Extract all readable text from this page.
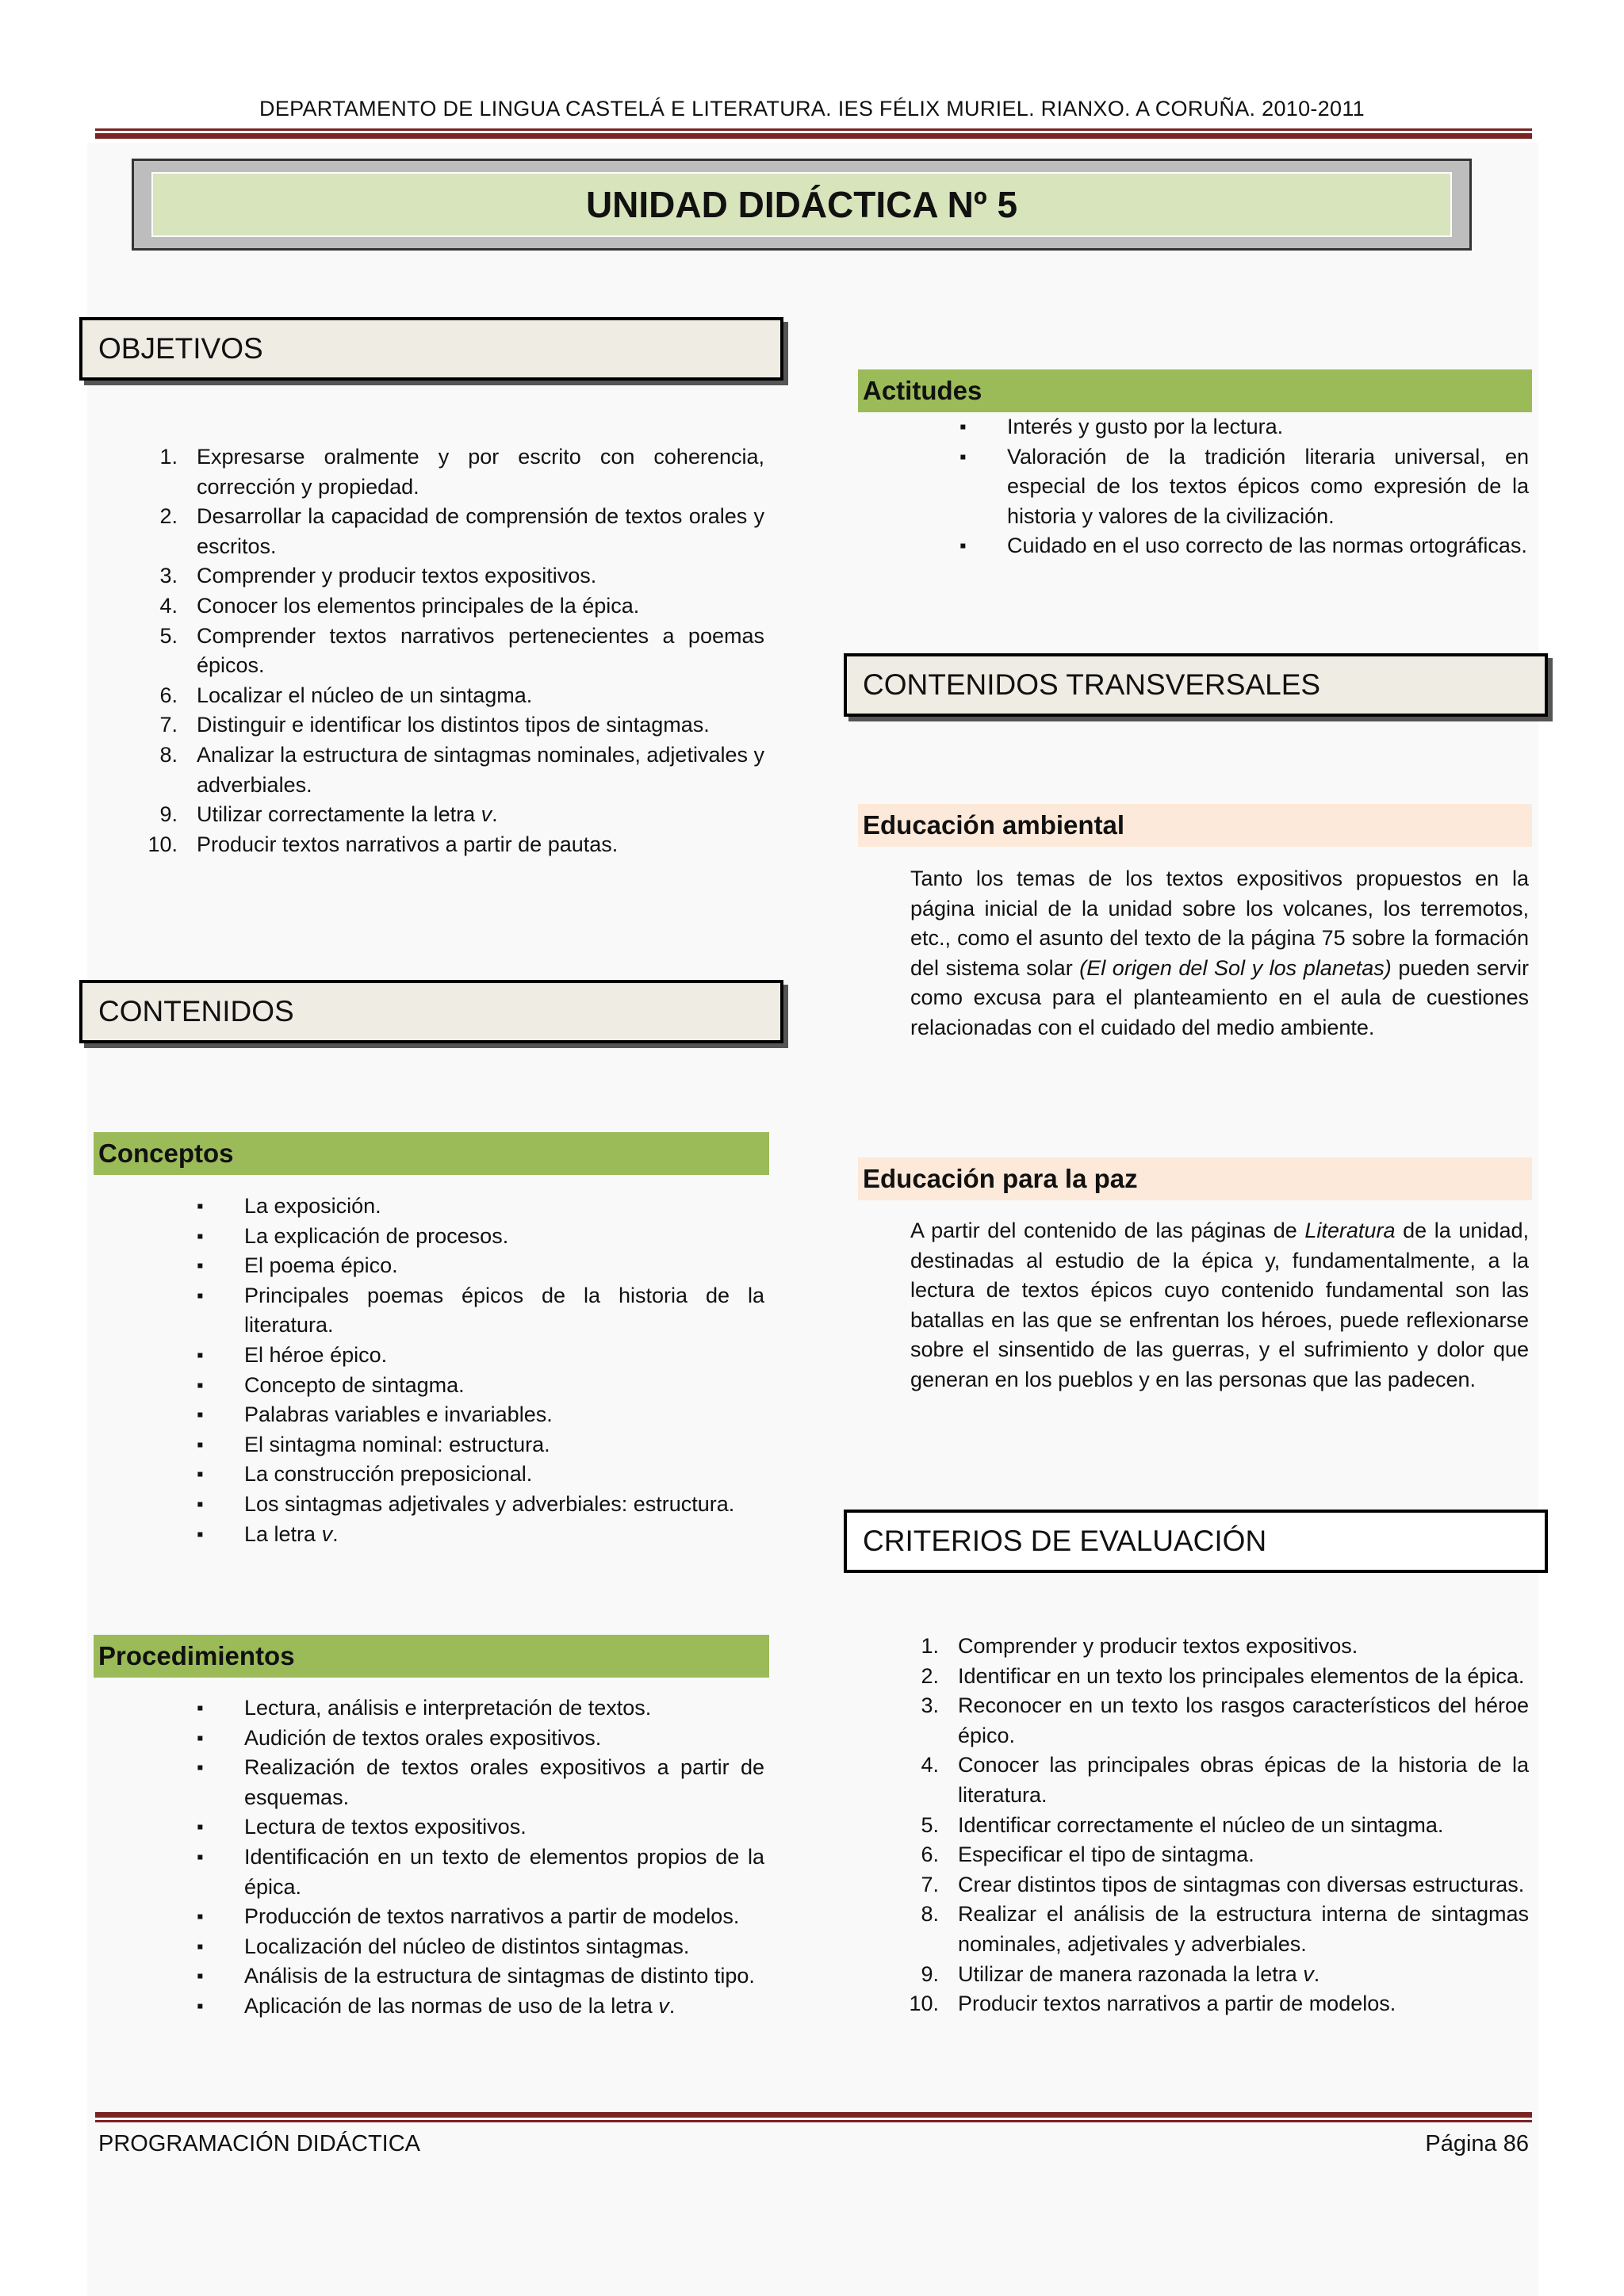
DEPARTAMENTO DE LINGUA CASTELÁ E LITERATURA. IES FÉLIX MURIEL. RIANXO. A CORUÑA. 2010-2011
UNIDAD DIDÁCTICA Nº 5
OBJETIVOS
1. Expresarse oralmente y por escrito con coherencia, corrección y propiedad.
2. Desarrollar la capacidad de comprensión de textos orales y escritos.
3. Comprender y producir textos expositivos.
4. Conocer los elementos principales de la épica.
5. Comprender textos narrativos pertenecientes a poemas épicos.
6. Localizar el núcleo de un sintagma.
7. Distinguir e identificar los distintos tipos de sintagmas.
8. Analizar la estructura de sintagmas nominales, adjetivales y adverbiales.
9. Utilizar correctamente la letra v.
10. Producir textos narrativos a partir de pautas.
CONTENIDOS
Conceptos
▪ La exposición.
▪ La explicación de procesos.
▪ El poema épico.
▪ Principales poemas épicos de la historia de la literatura.
▪ El héroe épico.
▪ Concepto de sintagma.
▪ Palabras variables e invariables.
▪ El sintagma nominal: estructura.
▪ La construcción preposicional.
▪ Los sintagmas adjetivales y adverbiales: estructura.
▪ La letra v.
Procedimientos
▪ Lectura, análisis e interpretación de textos.
▪ Audición de textos orales expositivos.
▪ Realización de textos orales expositivos a partir de esquemas.
▪ Lectura de textos expositivos.
▪ Identificación en un texto de elementos propios de la épica.
▪ Producción de textos narrativos a partir de modelos.
▪ Localización del núcleo de distintos sintagmas.
▪ Análisis de la estructura de sintagmas de distinto tipo.
▪ Aplicación de las normas de uso de la letra v.
Actitudes
▪ Interés y gusto por la lectura.
▪ Valoración de la tradición literaria universal, en especial de los textos épicos como expresión de la historia y valores de la civilización.
▪ Cuidado en el uso correcto de las normas ortográficas.
CONTENIDOS TRANSVERSALES
Educación ambiental
Tanto los temas de los textos expositivos propuestos en la página inicial de la unidad sobre los volcanes, los terremotos, etc., como el asunto del texto de la página 75 sobre la formación del sistema solar (El origen del Sol y los planetas) pueden servir como excusa para el planteamiento en el aula de cuestiones relacionadas con el cuidado del medio ambiente.
Educación para la paz
A partir del contenido de las páginas de Literatura de la unidad, destinadas al estudio de la épica y, fundamentalmente, a la lectura de textos épicos cuyo contenido fundamental son las batallas en las que se enfrentan los héroes, puede reflexionarse sobre el sinsentido de las guerras, y el sufrimiento y dolor que generan en los pueblos y en las personas que las padecen.
CRITERIOS DE EVALUACIÓN
1. Comprender y producir textos expositivos.
2. Identificar en un texto los principales elementos de la épica.
3. Reconocer en un texto los rasgos característicos del héroe épico.
4. Conocer las principales obras épicas de la historia de la literatura.
5. Identificar correctamente el núcleo de un sintagma.
6. Especificar el tipo de sintagma.
7. Crear distintos tipos de sintagmas con diversas estructuras.
8. Realizar el análisis de la estructura interna de sintagmas nominales, adjetivales y adverbiales.
9. Utilizar de manera razonada la letra v.
10. Producir textos narrativos a partir de modelos.
PROGRAMACIÓN DIDÁCTICA	Página 86
